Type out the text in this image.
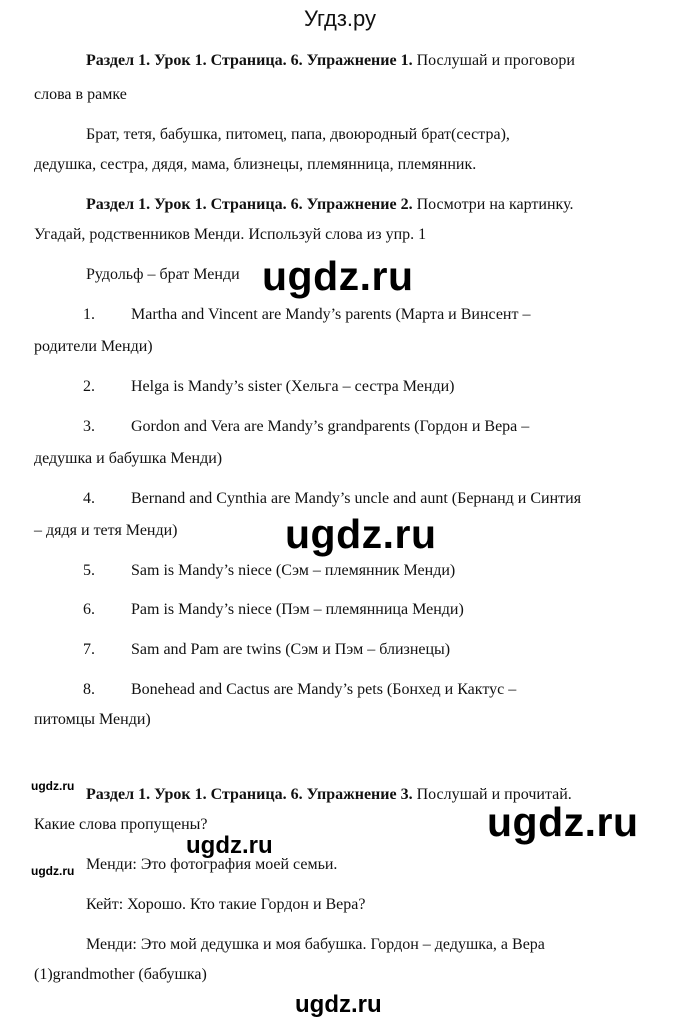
Угдз.ру
Раздел 1. Урок 1. Страница. 6. Упражнение 1. Послушай и проговори
слова в рамке
Брат, тетя, бабушка, питомец, папа, двоюродный брат(сестра),
дедушка, сестра, дядя, мама, близнецы, племянница, племянник.
Раздел 1. Урок 1. Страница. 6. Упражнение 2. Посмотри на картинку.
Угадай, родственников Менди. Используй слова из упр. 1
Рудольф – брат Менди
1. Martha and Vincent are Mandy’s parents (Марта и Винсент –
родители Менди)
2. Helga is Mandy’s sister (Хельга – сестра Менди)
3. Gordon and Vera are Mandy’s grandparents (Гордон и Вера –
дедушка и бабушка Менди)
4. Bernand and Cynthia are Mandy’s uncle and aunt (Бернанд и Синтия
– дядя и тетя Менди)
5. Sam is Mandy’s niece (Сэм – племянник Менди)
6. Pam is Mandy’s niece (Пэм – племянница Менди)
7. Sam and Pam are twins (Сэм и Пэм – близнецы)
8. Bonehead and Cactus are Mandy’s pets (Бонхед и Кактус –
питомцы Менди)
Раздел 1. Урок 1. Страница. 6. Упражнение 3. Послушай и прочитай.
Какие слова пропущены?
Менди: Это фотография моей семьи.
Кейт: Хорошо. Кто такие Гордон и Вера?
Менди: Это мой дедушка и моя бабушка. Гордон – дедушка, а Вера
(1)grandmother (бабушка)
ugdz.ru
ugdz.ru
ugdz.ru
ugdz.ru
ugdz.ru
ugdz.ru
ugdz.ru
